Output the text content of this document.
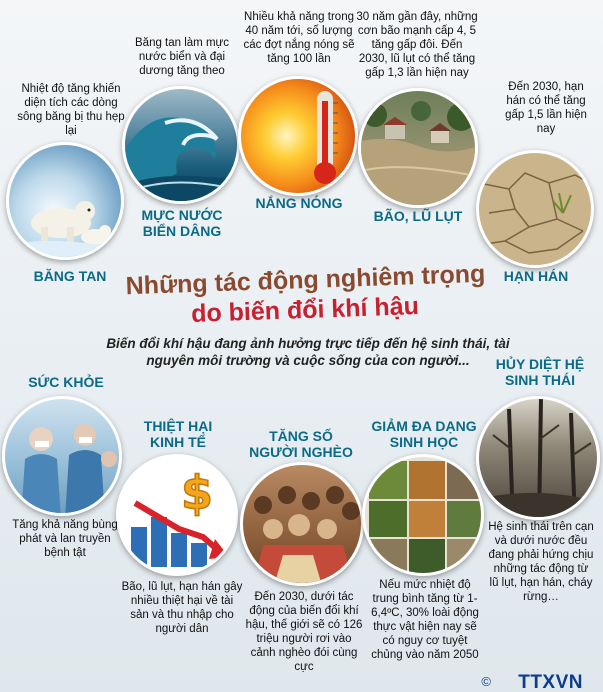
Nhiệt độ tăng khiến diện tích các dòng sông băng bị thu hẹp lại
BĂNG TAN
Băng tan làm mực nước biển và đại dương tăng theo
MỰC NƯỚC BIỂN DÂNG
Nhiều khả năng trong 40 năm tới, số lượng các đợt nắng nóng sẽ tăng 100 lần
NẮNG NÓNG
30 năm gần đây, những cơn bão mạnh cấp 4, 5 tăng gấp đôi. Đến 2030, lũ lụt có thể tăng gấp 1,3 lần hiện nay
BÃO, LŨ LỤT
Đến 2030, hạn hán có thể tăng gấp 1,5 lần hiện nay
HẠN HÁN
Những tác động nghiêm trọng
do biến đổi khí hậu
Biến đổi khí hậu đang ảnh hưởng trực tiếp đến hệ sinh thái, tài nguyên môi trường và cuộc sống của con người...
$
SỨC KHỎE
Tăng khả năng bùng phát và lan truyền bệnh tật
THIỆT HẠI KINH TẾ
Bão, lũ lụt, hạn hán gây nhiều thiệt hại về tài sản và thu nhập cho người dân
TĂNG SỐ NGƯỜI NGHÈO
Đến 2030, dưới tác động của biến đổi khí hậu, thế giới sẽ có 126 triệu người rơi vào cảnh nghèo đói cùng cực
GIẢM ĐA DẠNG SINH HỌC
Nếu mức nhiệt độ trung bình tăng từ 1-6,4ºC, 30% loài động thực vật hiện nay sẽ có nguy cơ tuyệt chủng vào năm 2050
HỦY DIỆT HỆ SINH THÁI
Hệ sinh thái trên cạn và dưới nước đều đang phải hứng chịu những tác động từ lũ lụt, hạn hán, cháy rừng…
© TTXVN
